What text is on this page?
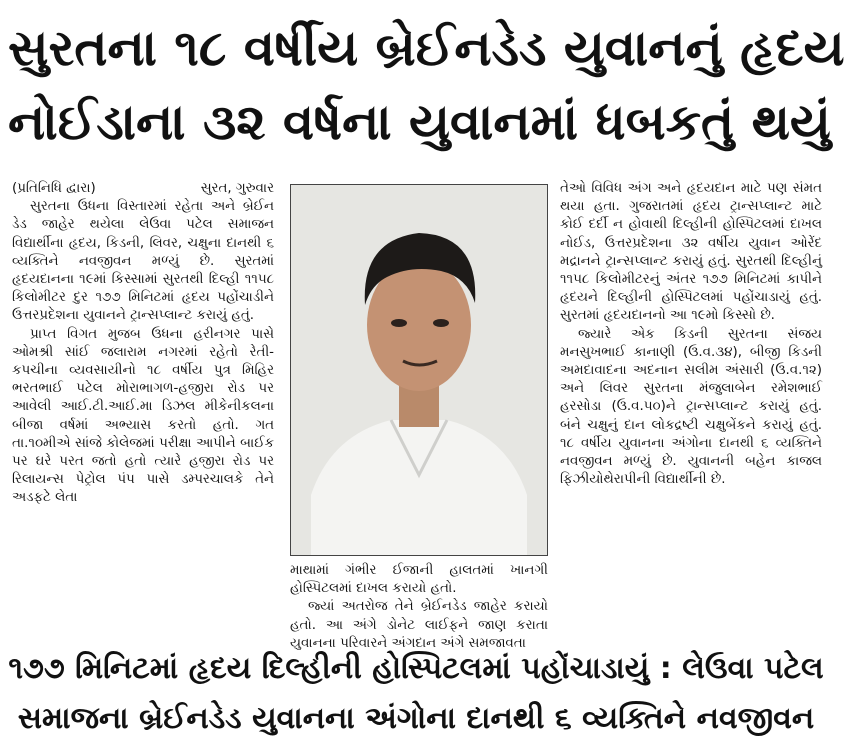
સુરતના ૧૮ વર્ષીય બ્રેઈનડેડ યુવાનનું હૃદય
નોઈડાના ૩૨ વર્ષના યુવાનમાં ધબકતું થયું
(પ્રતિનિધિ દ્વારા)	સુરત, ગુરુવાર

સુરતના ઉધના વિસ્તારમાં રહેતા અને બ્રેઈન ડેડ જાહેર થયેલા લેઉવા પટેલ સમાજન વિદ્યાર્થીના હૃદય, કિડની, લિવર, ચક્ષુના દાનથી ૬ વ્યક્તિને નવજીવન મળ્યું છે. સુરતમાં હૃદયદાનના ૧૯માં કિસ્સામાં સુરતથી દિલ્હી ૧૧૫૮ કિલોમીટર દુર ૧૭૭ મિનિટમાં હૃદય પહોંચાડીને ઉત્તરપ્રદેશના યુવાનને ટ્રાન્સપ્લાન્ટ કરાયું હતું.

પ્રાપ્ત વિગત મુજબ ઉધના હરીનગર પાસે ઓમશ્રી સાંઈ જલારામ નગરમાં રહેતો રેતી-કપચીના વ્યવસાયીનો ૧૮ વર્ષીય પુત્ર મિહિર ભરતભાઈ પટેલ મોરાભાગળ-હજીરા રોડ પર આવેલી આઈ.ટી.આઈ.મા ડિઝલ મીકેનીકલના બીજા વર્ષમાં અભ્યાસ કરતો હતો. ગત તા.૧૦મીએ સાંજે કોલેજમાં પરીક્ષા આપીને બાઈક પર ઘરે પરત જતો હતો ત્યારે હજીરા રોડ પર રિલાયન્સ પેટ્રોલ પંપ પાસે ડમ્પરચાલકે તેને અડફટે લેતા

માથામાં ગંભીર ઈજાની હાલતમાં ખાનગી હોસ્પિટલમાં દાખલ કરાયો હતો.

જ્યાં અતરોજ તેને બ્રેઈનડેડ જાહેર કરાયો હતો. આ અંગે ડોનેટ લાઈફને જાણ કરાતા યુવાનના પરિવારને અંગદાન અંગે સમજાવતા

તેઓ વિવિધ અંગ અને હૃદયદાન માટે પણ સંમત થયા હતા. ગુજરાતમાં હૃદય ટ્રાન્સપ્લાન્ટ માટે કોઈ દર્દી ન હોવાથી દિલ્હીની હોસ્પિટલમાં દાખલ નોઈડ, ઉત્તરપ્રદેશના ૩૨ વર્ષીય યુવાન ઓરેંદ મદ્રાનને ટ્રાન્સપ્લાન્ટ કરાયું હતું. સુરતથી દિલ્હીનું ૧૧૫૮ કિલોમીટરનું અંતર ૧૭૭ મિનિટમાં કાપીને હૃદયને દિલ્હીની હોસ્પિટલમાં પહોંચાડાયું હતું. સુરતમાં હૃદયદાનનો આ ૧૯મો કિસ્સો છે.

જ્યારે એક કિડની સુરતના સંજય મનસુખભાઈ કાનાણી (ઉ.વ.૩૪), બીજી કિડની અમદાવાદના અદનાન સલીમ અંસારી (ઉ.વ.૧૨) અને લિવર સુરતના મંજુલાબેન રમેશભાઈ હરસોડા (ઉ.વ.૫૦)ને ટ્રાન્સપ્લાન્ટ કરાયું હતું. બંને ચક્ષુનું દાન લોકદ્રષ્ટી ચક્ષુબેંકને કરાયું હતું. ૧૮ વર્ષીય યુવાનના અંગોના દાનથી ૬ વ્યક્તિને નવજીવન મળ્યું છે. યુવાનની બહેન કાજલ ફિઝીયોથેરાપીની વિદ્યાર્થીની છે.

૧૭૭ મિનિટમાં હૃદય દિલ્હીની હોસ્પિટલમાં પહોંચાડાયું : લેઉવા પટેલ
સમાજના બ્રેઈનડેડ યુવાનના અંગોના દાનથી ૬ વ્યક્તિને નવજીવન
